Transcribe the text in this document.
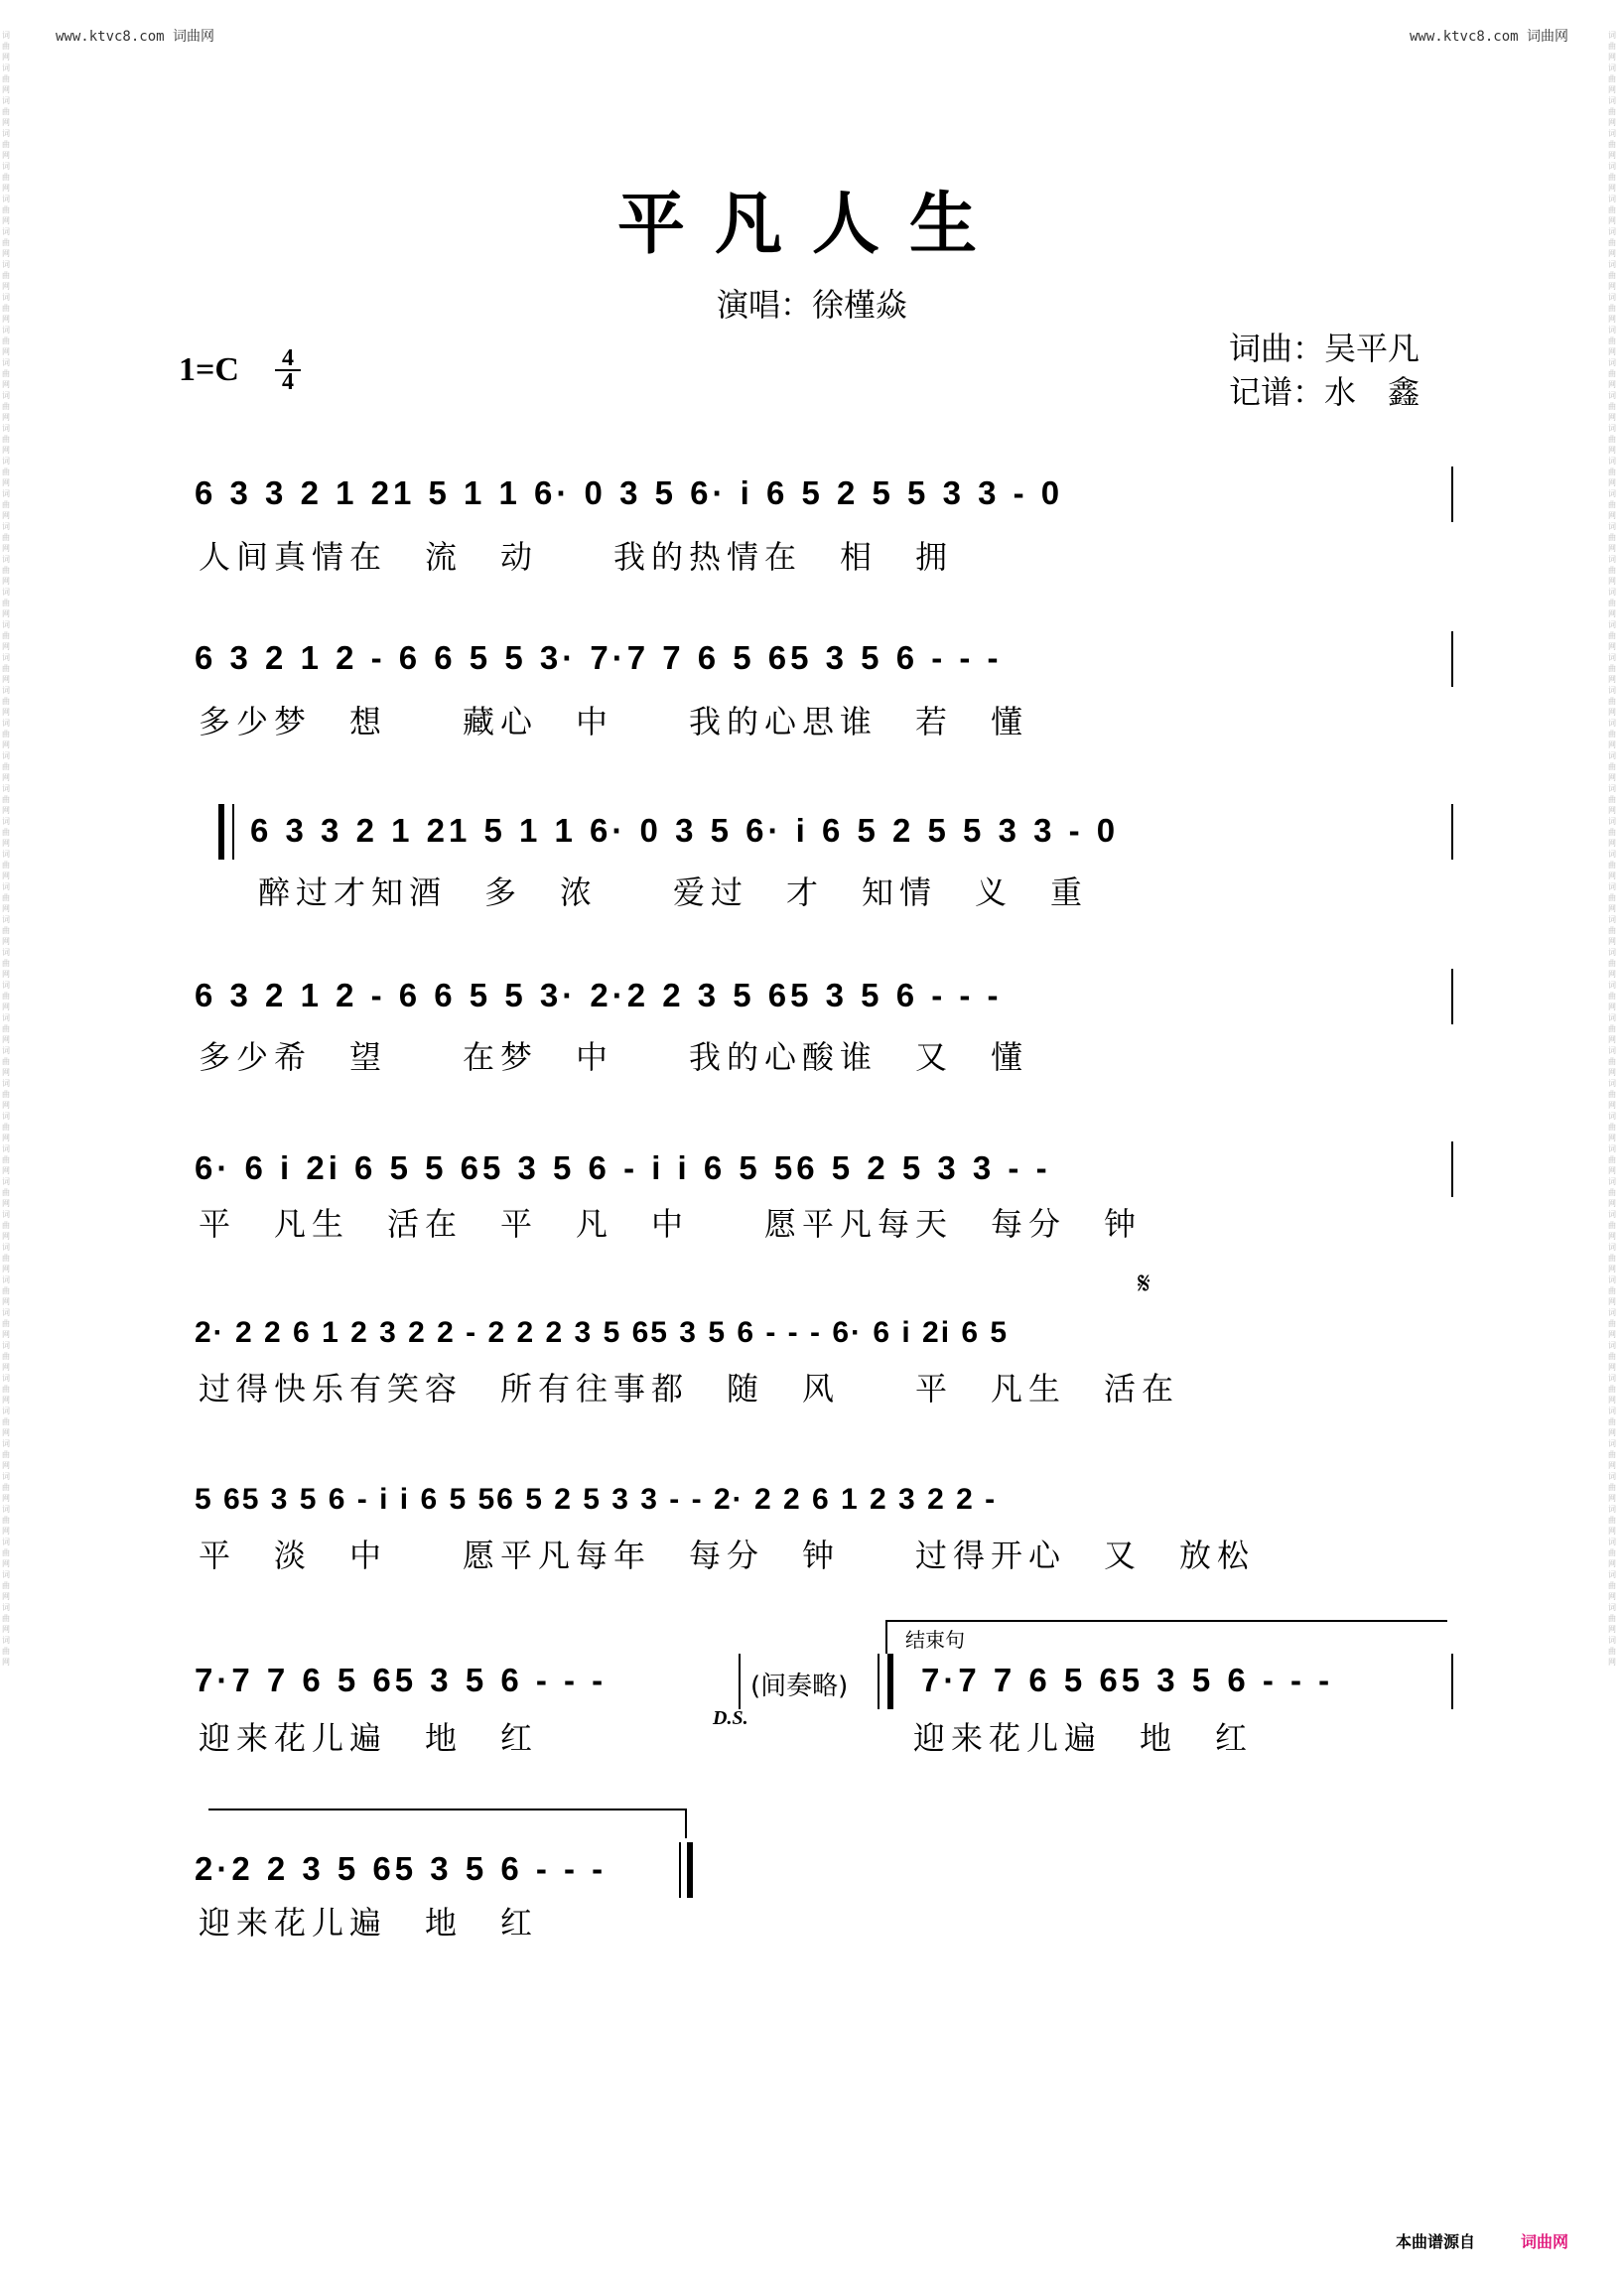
www.ktvc8.com 词曲网	www.ktvc8.com 词曲网
词曲网词曲网词曲网词曲网词曲网词曲网词曲网词曲网词曲网词曲网词曲网词曲网词曲网词曲网词曲网词曲网词曲网词曲网词曲网词曲网词曲网词曲网词曲网词曲网词曲网词曲网词曲网词曲网词曲网词曲网词曲网词曲网词曲网词曲网词曲网词曲网词曲网词曲网词曲网词曲网词曲网词曲网词曲网词曲网词曲网词曲网词曲网词曲网词曲网词曲网
词曲网词曲网词曲网词曲网词曲网词曲网词曲网词曲网词曲网词曲网词曲网词曲网词曲网词曲网词曲网词曲网词曲网词曲网词曲网词曲网词曲网词曲网词曲网词曲网词曲网词曲网词曲网词曲网词曲网词曲网词曲网词曲网词曲网词曲网词曲网词曲网词曲网词曲网词曲网词曲网词曲网词曲网词曲网词曲网词曲网词曲网词曲网词曲网词曲网词曲网
平凡人生
演唱：徐槿焱
词曲：吴平凡
记谱：水　鑫
1=C 4
4
6 3 3 2 1 21 5 1 1 6· 0 3 5 6· i 6 5 2 5 5 3 3 - 0
人间真情在　流　动　　我的热情在　相　拥
6 3 2 1 2 - 6 6 5 5 3· 7·7 7 6 5 65 3 5 6 - - -
多少梦　想　　藏心　中　　我的心思谁　若　懂
6 3 3 2 1 21 5 1 1 6· 0 3 5 6· i 6 5 2 5 5 3 3 - 0
醉过才知酒　多　浓　　爱过　才　知情　义　重
6 3 2 1 2 - 6 6 5 5 3· 2·2 2 3 5 65 3 5 6 - - -
多少希　望　　在梦　中　　我的心酸谁　又　懂
6· 6 i 2i 6 5 5 65 3 5 6 - i i 6 5 56 5 2 5 3 3 - -
平　凡生　活在　平　凡　中　　愿平凡每天　每分　钟
𝄋
2· 2 2 6 1 2 3 2 2 - 2 2 2 3 5 65 3 5 6 - - - 6· 6 i 2i 6 5
过得快乐有笑容　所有往事都　随　风　　平　凡生　活在
5 65 3 5 6 - i i 6 5 56 5 2 5 3 3 - - 2· 2 2 6 1 2 3 2 2 -
平　淡　中　　愿平凡每年　每分　钟　　过得开心　又　放松
7·7 7 6 5 65 3 5 6 - - -	(间奏略) 7·7 7 6 5 65 3 5 6 - - -
结束句
迎来花儿遍　地　红
D.S.
迎来花儿遍　地　红
2·2 2 3 5 65 3 5 6 - - -
迎来花儿遍　地　红
本曲谱源自	词曲网
